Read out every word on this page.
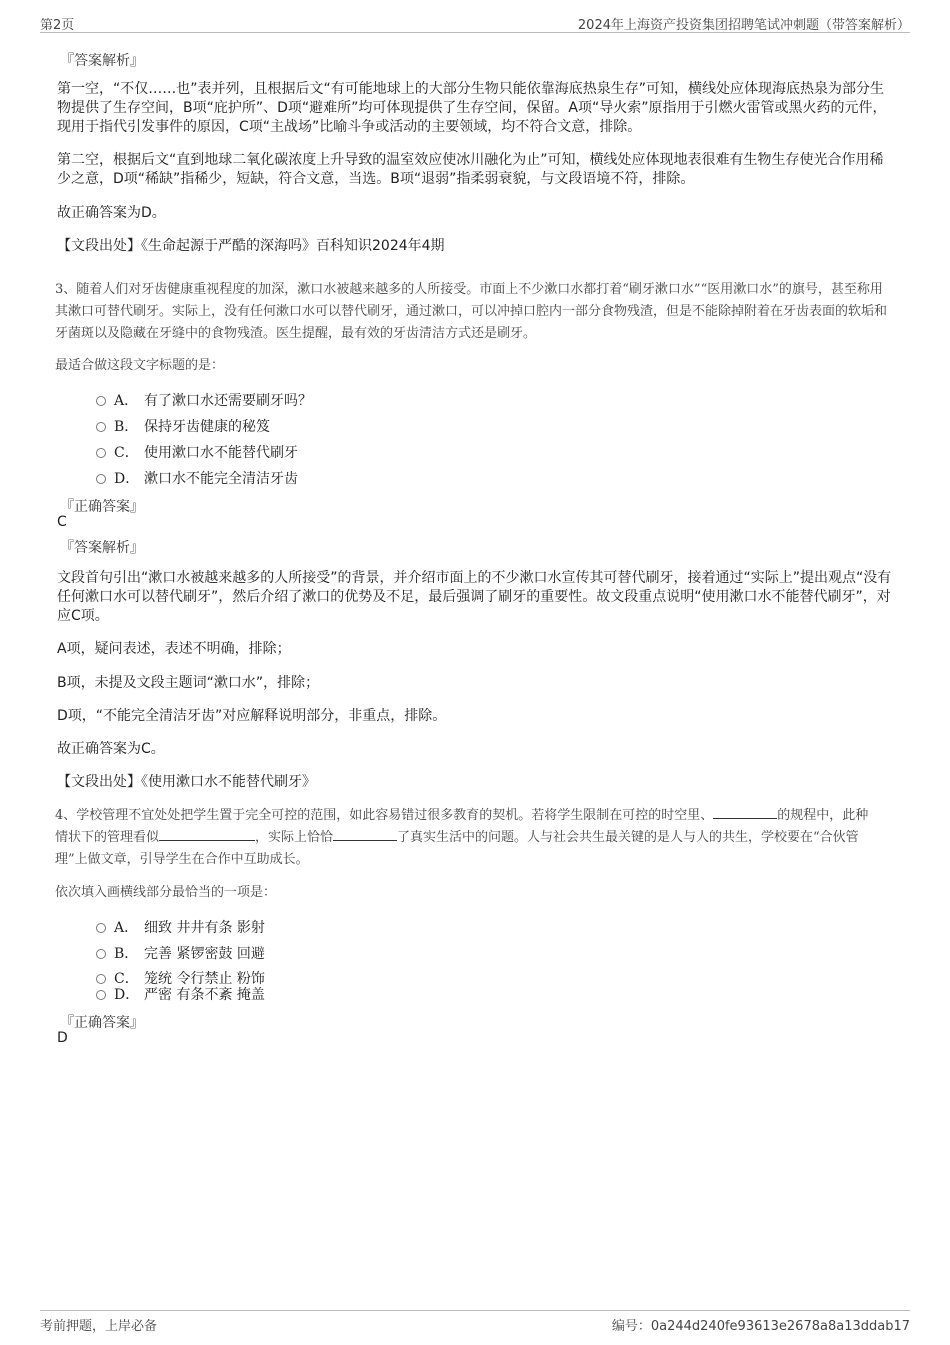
第2页	2024年上海资产投资集团招聘笔试冲刺题（带答案解析）
『答案解析』
第一空，“不仅……也”表并列，且根据后文“有可能地球上的大部分生物只能依靠海底热泉生存”可知，横线处应体现海底热泉为部分生物提供了生存空间，B项“庇护所”、D项“避难所”均可体现提供了生存空间，保留。A项“导火索”原指用于引燃火雷管或黑火药的元件，现用于指代引发事件的原因，C项“主战场”比喻斗争或活动的主要领域，均不符合文意，排除。
第二空，根据后文“直到地球二氧化碳浓度上升导致的温室效应使冰川融化为止”可知，横线处应体现地表很难有生物生存使光合作用稀少之意，D项“稀缺”指稀少，短缺，符合文意，当选。B项“退弱”指柔弱衰貌，与文段语境不符，排除。
故正确答案为D。
【文段出处】《生命起源于严酷的深海吗》百科知识2024年4期
3、随着人们对牙齿健康重视程度的加深，漱口水被越来越多的人所接受。市面上不少漱口水都打着“刷牙漱口水”“医用漱口水”的旗号，甚至称用其漱口可替代刷牙。实际上，没有任何漱口水可以替代刷牙，通过漱口，可以冲掉口腔内一部分食物残渣，但是不能除掉附着在牙齿表面的软垢和牙菌斑以及隐藏在牙缝中的食物残渣。医生提醒，最有效的牙齿清洁方式还是刷牙。
最适合做这段文字标题的是：
A． 有了漱口水还需要刷牙吗？
B． 保持牙齿健康的秘笈
C． 使用漱口水不能替代刷牙
D． 漱口水不能完全清洁牙齿
『正确答案』
C
『答案解析』
文段首句引出“漱口水被越来越多的人所接受”的背景，并介绍市面上的不少漱口水宣传其可替代刷牙，接着通过“实际上”提出观点“没有任何漱口水可以替代刷牙”，然后介绍了漱口的优势及不足，最后强调了刷牙的重要性。故文段重点说明“使用漱口水不能替代刷牙”，对应C项。
A项，疑问表述，表述不明确，排除；
B项，未提及文段主题词“漱口水”，排除；
D项，“不能完全清洁牙齿”对应解释说明部分，非重点，排除。
故正确答案为C。
【文段出处】《使用漱口水不能替代刷牙》
4、学校管理不宜处处把学生置于完全可控的范围，如此容易错过很多教育的契机。若将学生限制在可控的时空里、	的规程中，此种
情状下的管理看似	，实际上恰恰	了真实生活中的问题。人与社会共生最关键的是人与人的共生，学校要在“合伙管
理”上做文章，引导学生在合作中互助成长。
依次填入画横线部分最恰当的一项是：
A． 细致 井井有条 影射
B． 完善 紧锣密鼓 回避
C． 笼统 令行禁止 粉饰
D． 严密 有条不紊 掩盖
『正确答案』
D
考前押题，上岸必备	编号：0a244d240fe93613e2678a8a13ddab17
